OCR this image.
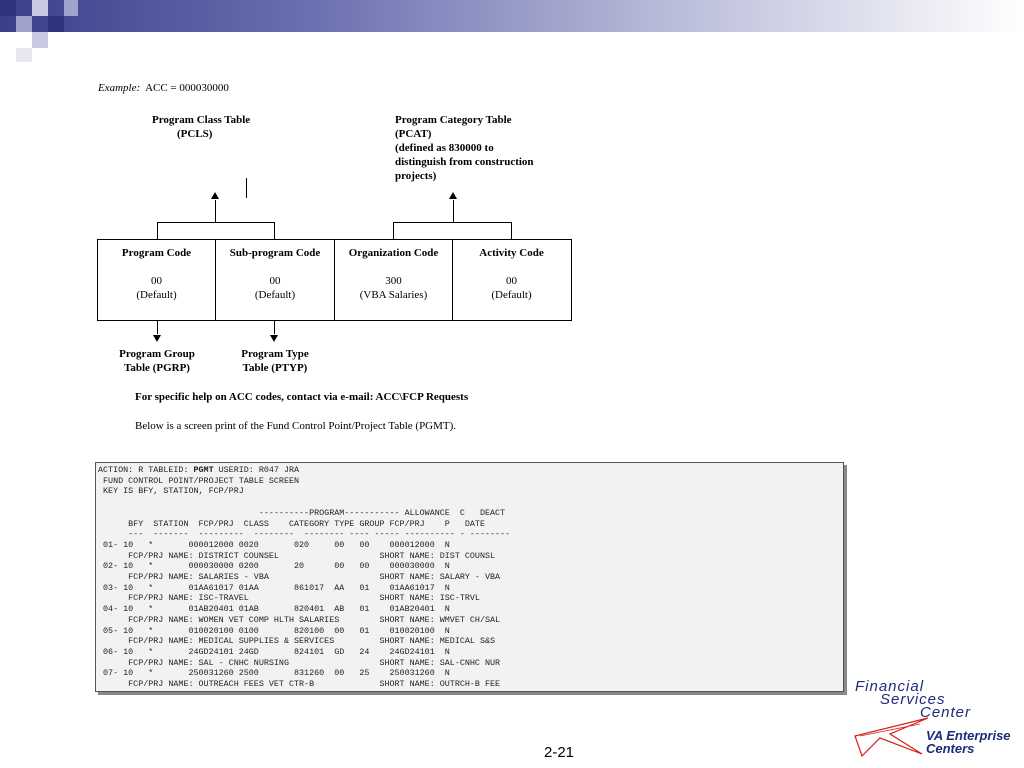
Example: ACC = 000030000
Program Class Table
(PCLS)
Program Category Table
(PCAT)
(defined as 830000 to
distinguish from construction
projects)
Program Code
00
(Default)
Sub-program Code
00
(Default)
Organization Code
300
(VBA Salaries)
Activity Code
00
(Default)
Program Group
Table (PGRP)
Program Type
Table (PTYP)
For specific help on ACC codes, contact via e-mail: ACC\FCP Requests
Below is a screen print of the Fund Control Point/Project Table (PGMT).
ACTION: R TABLEID: PGMT USERID: R047 JRA
FUND CONTROL POINT/PROJECT TABLE SCREEN
KEY IS BFY, STATION, FCP/PRJ

----------PROGRAM----------- ALLOWANCE  C   DEACT
BFY  STATION  FCP/PRJ  CLASS    CATEGORY TYPE GROUP FCP/PRJ    P   DATE
---  -------  ---------  --------  -------- ---- ----- ---------- - --------
01- 10   *       000012000 0020       020     00   00    000012000  N
FCP/PRJ NAME: DISTRICT COUNSEL                    SHORT NAME: DIST COUNSL
02- 10   *       000030000 0200       20      00   00    000030000  N
FCP/PRJ NAME: SALARIES - VBA                      SHORT NAME: SALARY - VBA
03- 10   *       01AA61017 01AA       861017  AA   01    01AA61017  N
FCP/PRJ NAME: ISC-TRAVEL                          SHORT NAME: ISC-TRVL
04- 10   *       01AB20401 01AB       820401  AB   01    01AB20401  N
FCP/PRJ NAME: WOMEN VET COMP HLTH SALARIES        SHORT NAME: WMVET CH/SAL
05- 10   *       010020100 0100       820100  00   01    010020100  N
FCP/PRJ NAME: MEDICAL SUPPLIES & SERVICES         SHORT NAME: MEDICAL S&S
06- 10   *       24GD24101 24GD       824101  GD   24    24GD24101  N
FCP/PRJ NAME: SAL - CNHC NURSING                  SHORT NAME: SAL-CNHC NUR
07- 10   *       250031260 2500       831260  00   25    250031260  N
FCP/PRJ NAME: OUTREACH FEES VET CTR-B             SHORT NAME: OUTRCH-B FEE	Financial
Services
Center
VA Enterprise
Centers
2-21
